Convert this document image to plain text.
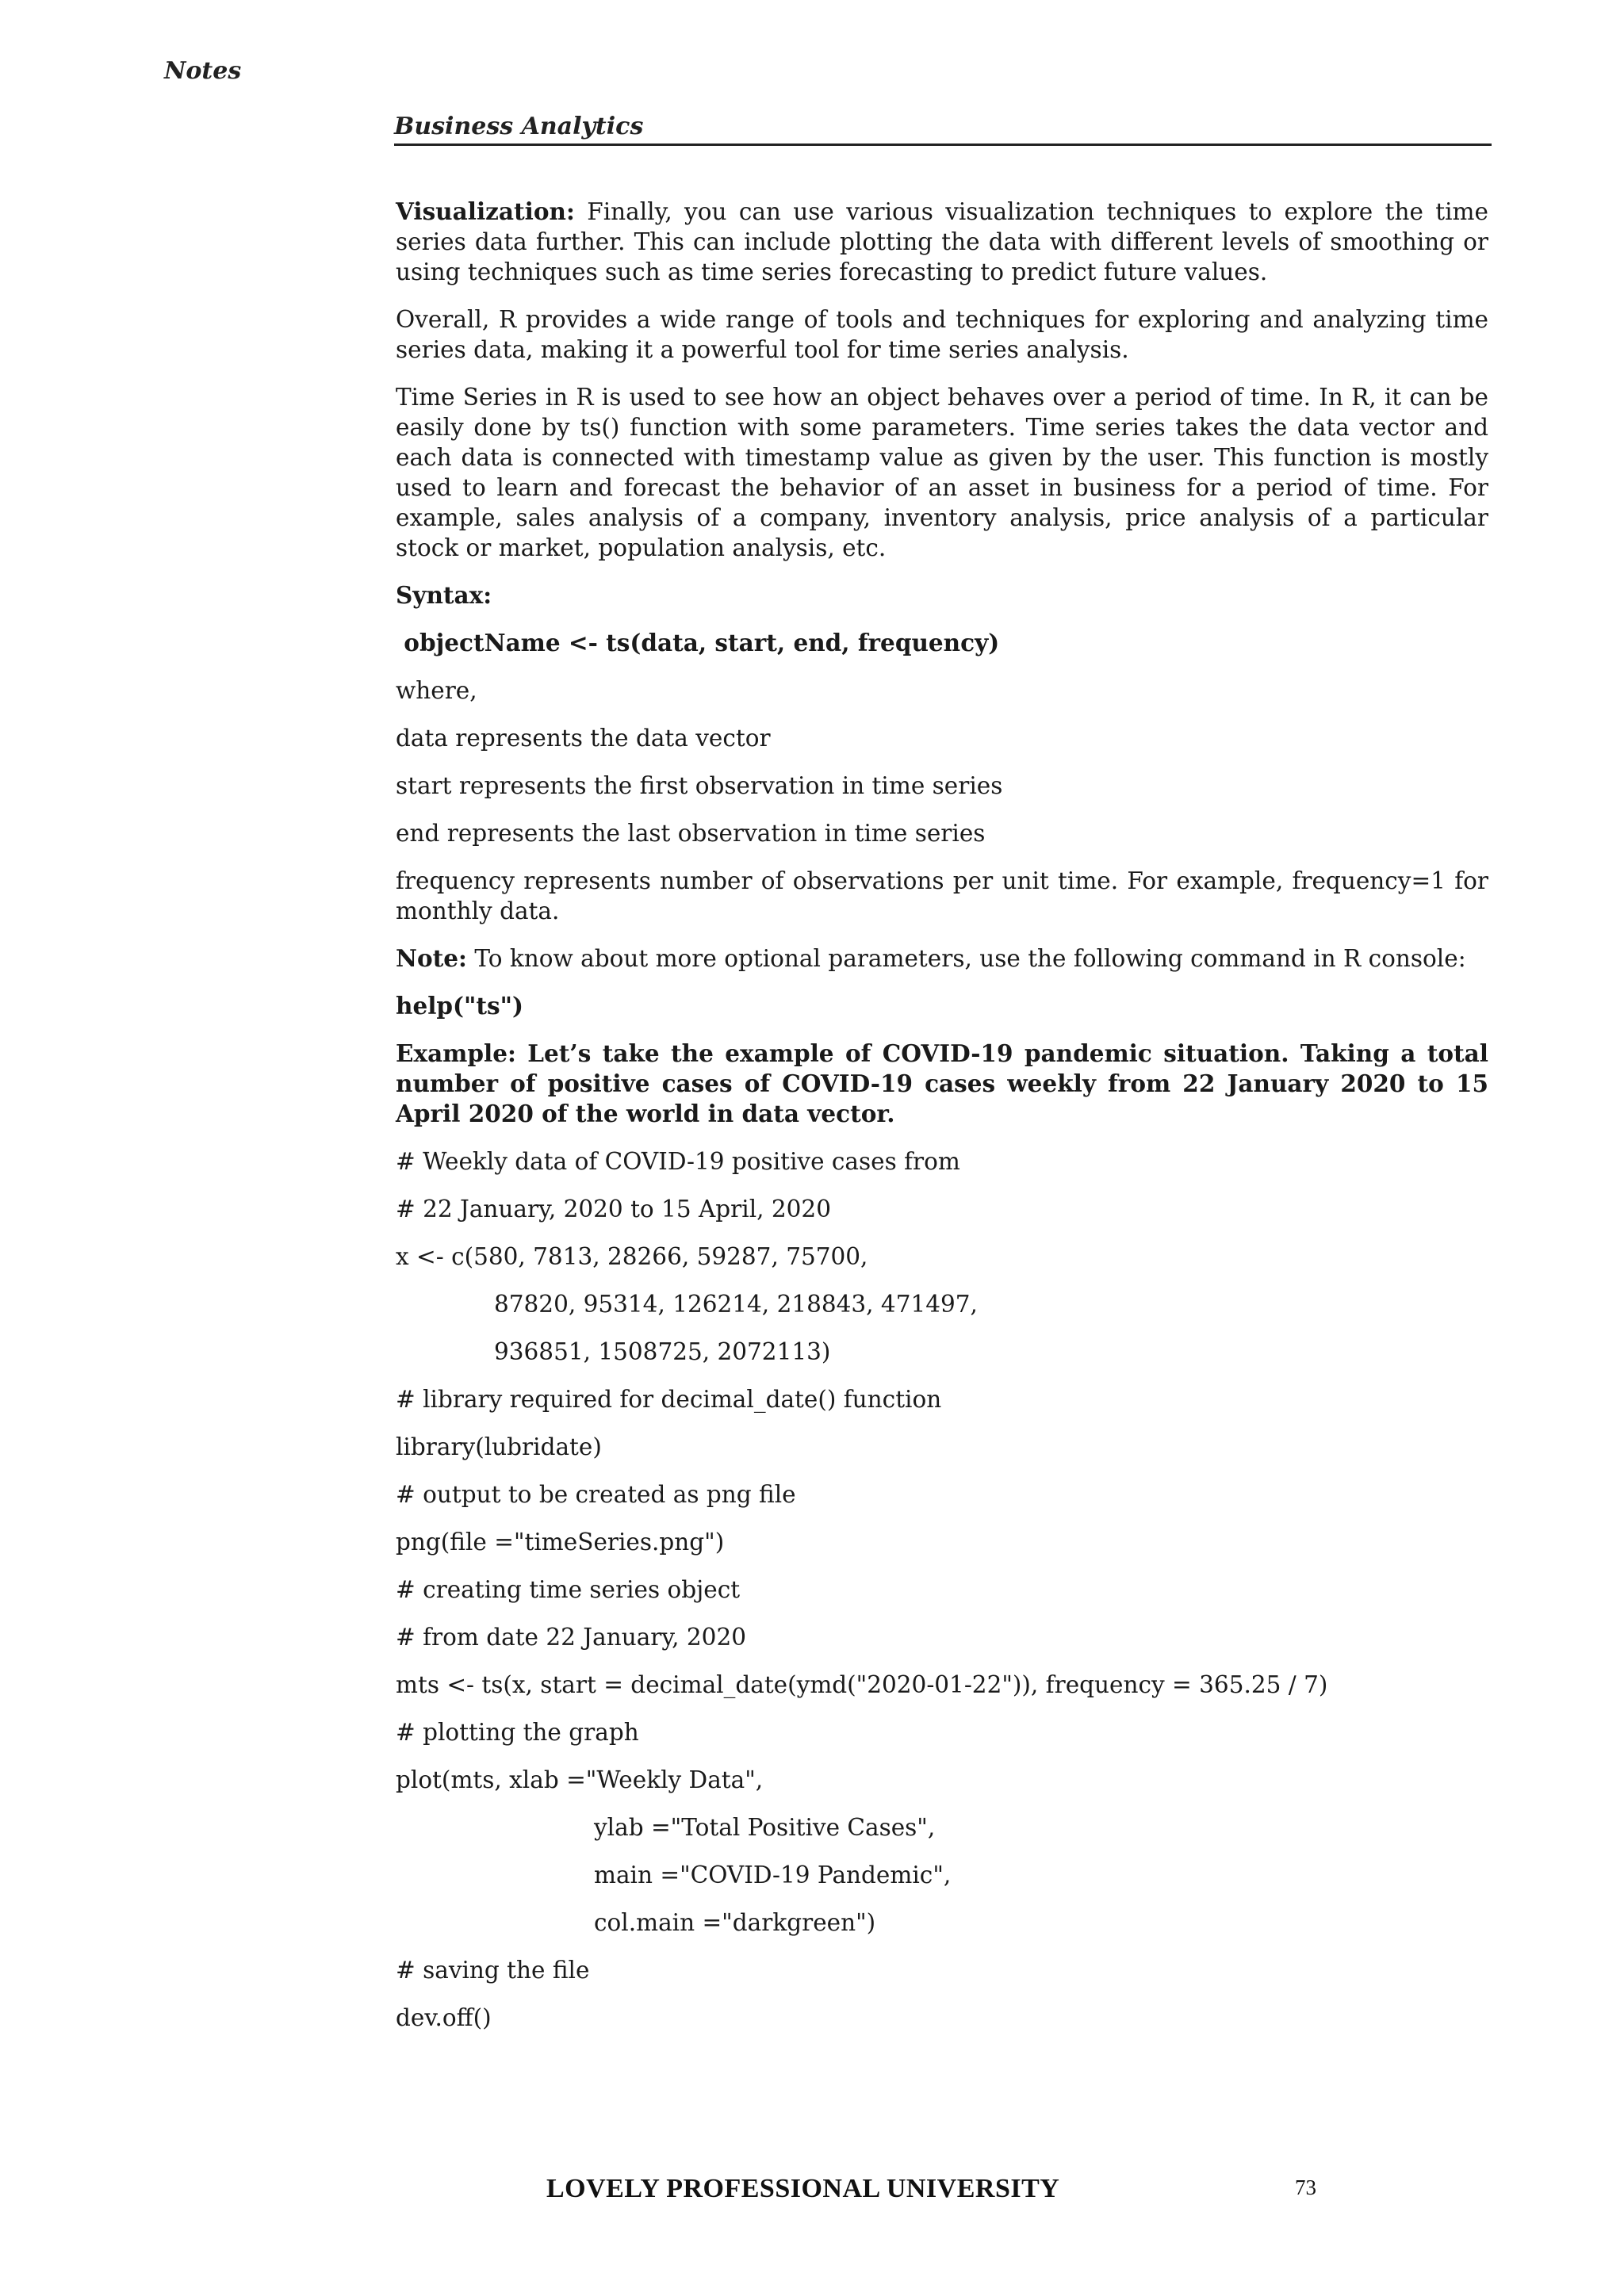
Notes
Business Analytics

Visualization: Finally, you can use various visualization techniques to explore the time series data further. This can include plotting the data with different levels of smoothing or using techniques such as time series forecasting to predict future values.

Overall, R provides a wide range of tools and techniques for exploring and analyzing time series data, making it a powerful tool for time series analysis.

Time Series in R is used to see how an object behaves over a period of time. In R, it can be easily done by ts() function with some parameters. Time series takes the data vector and each data is connected with timestamp value as given by the user. This function is mostly used to learn and forecast the behavior of an asset in business for a period of time. For example, sales analysis of a company, inventory analysis, price analysis of a particular stock or market, population analysis, etc.

Syntax:

objectName <- ts(data, start, end, frequency)

where,

data represents the data vector

start represents the first observation in time series

end represents the last observation in time series

frequency represents number of observations per unit time. For example, frequency=1 for monthly data.

Note: To know about more optional parameters, use the following command in R console:

help("ts")

Example: Let’s take the example of COVID-19 pandemic situation. Taking a total number of positive cases of COVID-19 cases weekly from 22 January 2020 to 15 April 2020 of the world in data vector.

# Weekly data of COVID-19 positive cases from

# 22 January, 2020 to 15 April, 2020

x <- c(580, 7813, 28266, 59287, 75700,

87820, 95314, 126214, 218843, 471497,

936851, 1508725, 2072113)

# library required for decimal_date() function

library(lubridate)

# output to be created as png file

png(file ="timeSeries.png")

# creating time series object

# from date 22 January, 2020

mts <- ts(x, start = decimal_date(ymd("2020-01-22")), frequency = 365.25 / 7)

# plotting the graph

plot(mts, xlab ="Weekly Data",

ylab ="Total Positive Cases",

main ="COVID-19 Pandemic",

col.main ="darkgreen")

# saving the file

dev.off()

LOVELY PROFESSIONAL UNIVERSITY	73
